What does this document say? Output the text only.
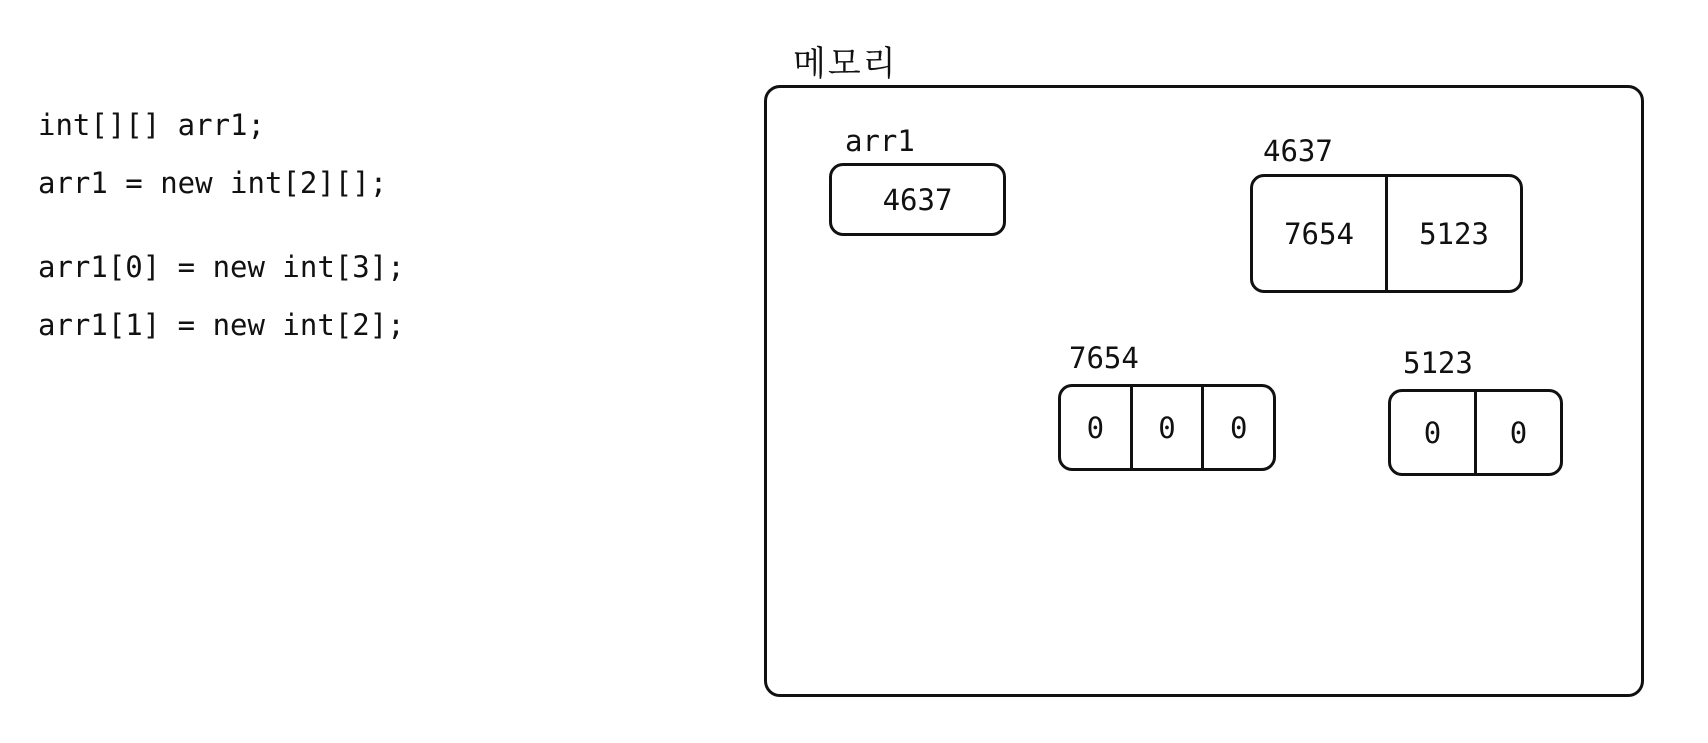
int[][] arr1;
arr1 = new int[2][];
arr1[0] = new int[3];
arr1[1] = new int[2];
메모리
arr1
4637
4637
7654	5123
7654
0	0	0
5123
0	0
